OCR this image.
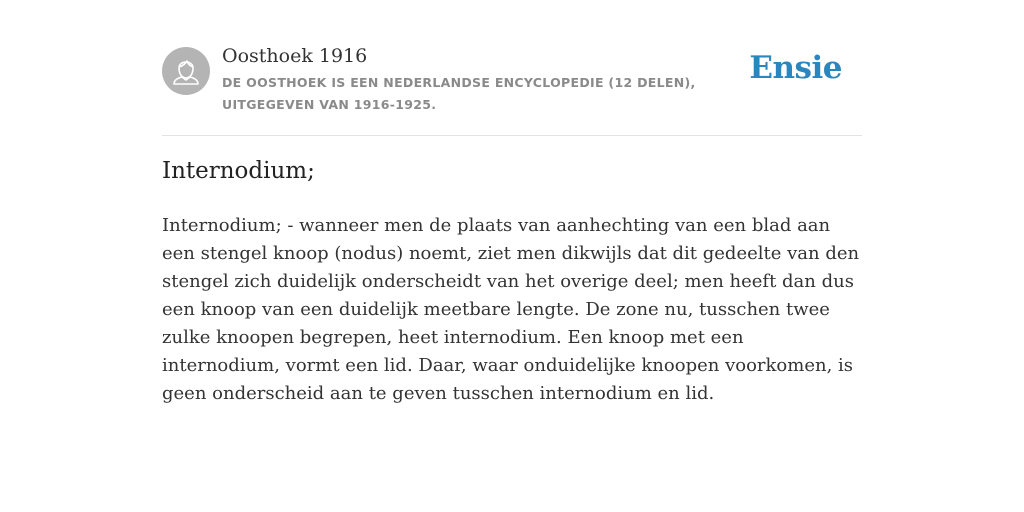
Oosthoek 1916
DE OOSTHOEK IS EEN NEDERLANDSE ENCYCLOPEDIE (12 DELEN), UITGEGEVEN VAN 1916-1925.
Ensie
Internodium;

Internodium; - wanneer men de plaats van aanhechting van een blad aan een stengel knoop (nodus) noemt, ziet men dikwijls dat dit gedeelte van den stengel zich duidelijk onderscheidt van het overige deel; men heeft dan dus een knoop van een duidelijk meetbare lengte. De zone nu, tusschen twee zulke knoopen begrepen, heet internodium. Een knoop met een internodium, vormt een lid. Daar, waar onduidelijke knoopen voorkomen, is geen onderscheid aan te geven tusschen internodium en lid.
